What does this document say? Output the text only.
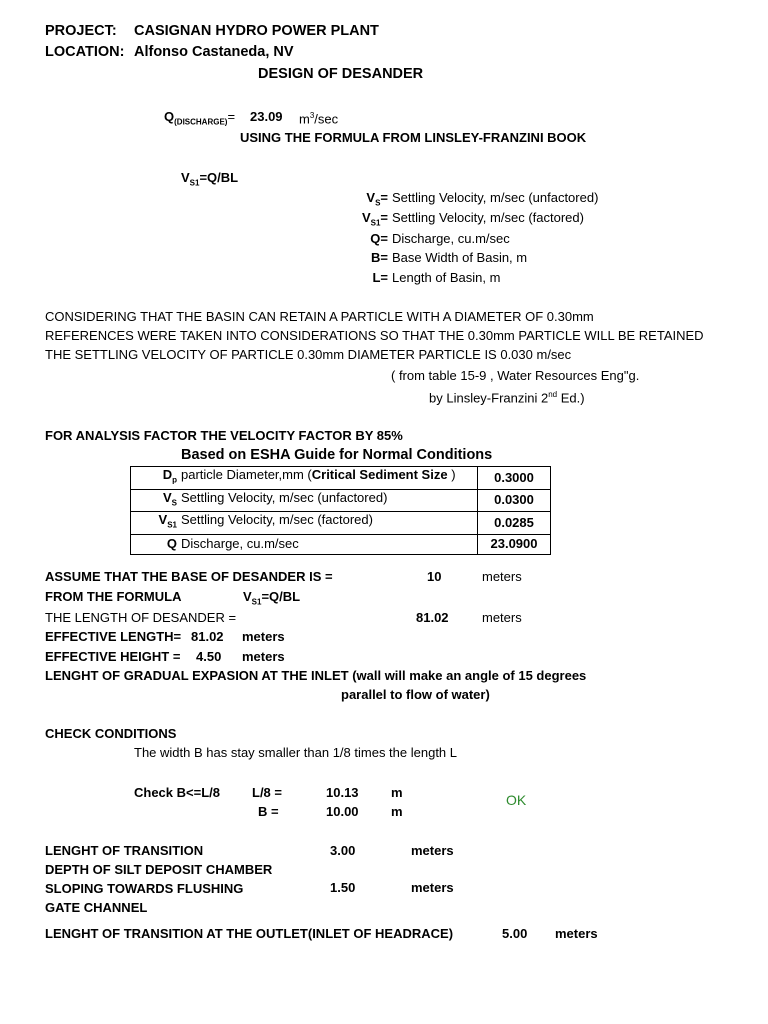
PROJECT: CASIGNAN HYDRO POWER PLANT
LOCATION: Alfonso Castaneda, NV
DESIGN OF DESANDER
$Q_{(DISCHARGE)}= 23.09$ $m^3/\sec$
USING THE FORMULA FROM LINSLEY-FRANZINI BOOK
$V_{S1}=Q/BL$
$V_S=$ Settling Velocity, m/sec (unfactored)
$V_{S1}=$ Settling Velocity, m/sec (factored)
Q= Discharge, cu.m/sec
B= Base Width of Basin, m
L= Length of Basin, m
CONSIDERING THAT THE BASIN CAN RETAIN A PARTICLE WITH A DIAMETER OF 0.30mm
REFERENCES WERE TAKEN INTO CONSIDERATIONS SO THAT THE 0.30mm PARTICLE WILL BE RETAINED
THE SETTLING VELOCITY OF PARTICLE 0.30mm DIAMETER PARTICLE IS 0.030 m/sec
( from table 15-9 , Water Resources Eng"g.
by Linsley-Franzini 2nd Ed.)
FOR ANALYSIS FACTOR THE VELOCITY FACTOR BY 85%
Based on ESHA Guide for Normal Conditions
$D_p$ particle Diameter,mm (Critical Sediment Size )	0.3000
$V_S$ Settling Velocity, m/sec (unfactored)	0.0300
$V_{S1}$ Settling Velocity, m/sec (factored)	0.0285
Q Discharge, cu.m/sec	23.0900
ASSUME THAT THE BASE OF DESANDER IS =	10	meters
FROM THE FORMULA	$V_{S1}=Q/BL$
THE LENGTH OF DESANDER =	81.02	meters
EFFECTIVE LENGTH= 81.02 meters
EFFECTIVE HEIGHT = 4.50 meters
LENGHT OF GRADUAL EXPASION AT THE INLET (wall will make an angle of 15 degrees
parallel to flow of water)
CHECK CONDITIONS
The width B has stay smaller than 1/8 times the length L
Check B<=L/8 L/8 =	10.13 m
B =	10.00 m
OK
LENGHT OF TRANSITION	3.00	meters
DEPTH OF SILT DEPOSIT CHAMBER
SLOPING TOWARDS FLUSHING	1.50	meters
GATE CHANNEL
LENGHT OF TRANSITION AT THE OUTLET(INLET OF HEADRACE)	5.00 meters
